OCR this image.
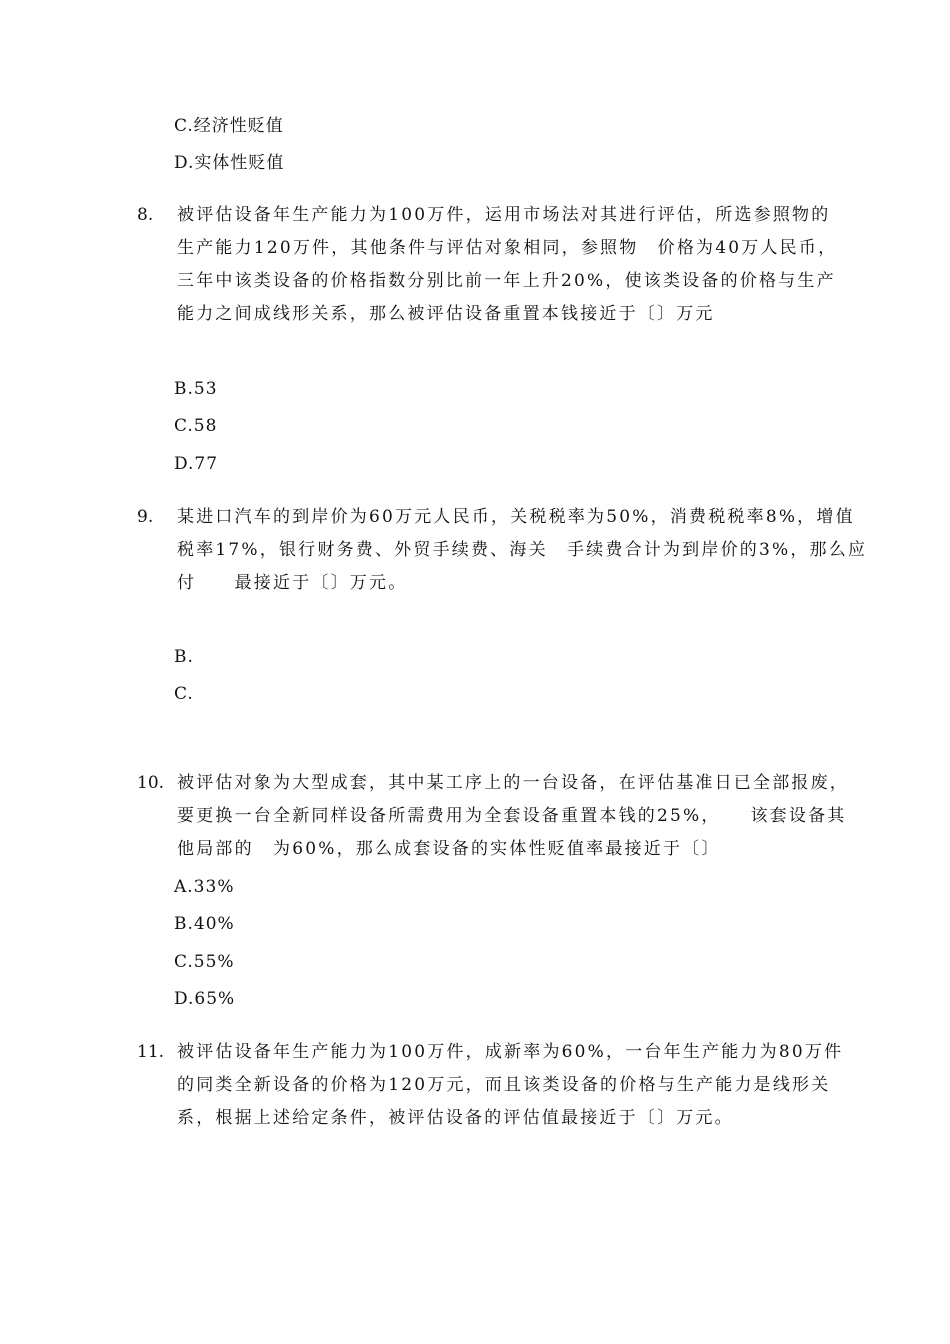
C.经济性贬值
D.实体性贬值
8. 被评估设备年生产能力为100万件，运用市场法对其进行评估，所选参照物的
生产能力120万件，其他条件与评估对象相同，参照物　价格为40万人民币，
三年中该类设备的价格指数分别比前一年上升20%，使该类设备的价格与生产
能力之间成线形关系，那么被评估设备重置本钱接近于〔〕万元
B.53
C.58
D.77
9. 某进口汽车的到岸价为60万元人民币，关税税率为50%，消费税税率8%，增值
税率17%，银行财务费、外贸手续费、海关　手续费合计为到岸价的3%，那么应
付　　最接近于〔〕万元。
B.
C.
10. 被评估对象为大型成套，其中某工序上的一台设备，在评估基准日已全部报废，
要更换一台全新同样设备所需费用为全套设备重置本钱的25%，　　该套设备其
他局部的　为60%，那么成套设备的实体性贬值率最接近于〔〕
A.33%
B.40%
C.55%
D.65%
11. 被评估设备年生产能力为100万件，成新率为60%，一台年生产能力为80万件
的同类全新设备的价格为120万元，而且该类设备的价格与生产能力是线形关
系，根据上述给定条件，被评估设备的评估值最接近于〔〕万元。
